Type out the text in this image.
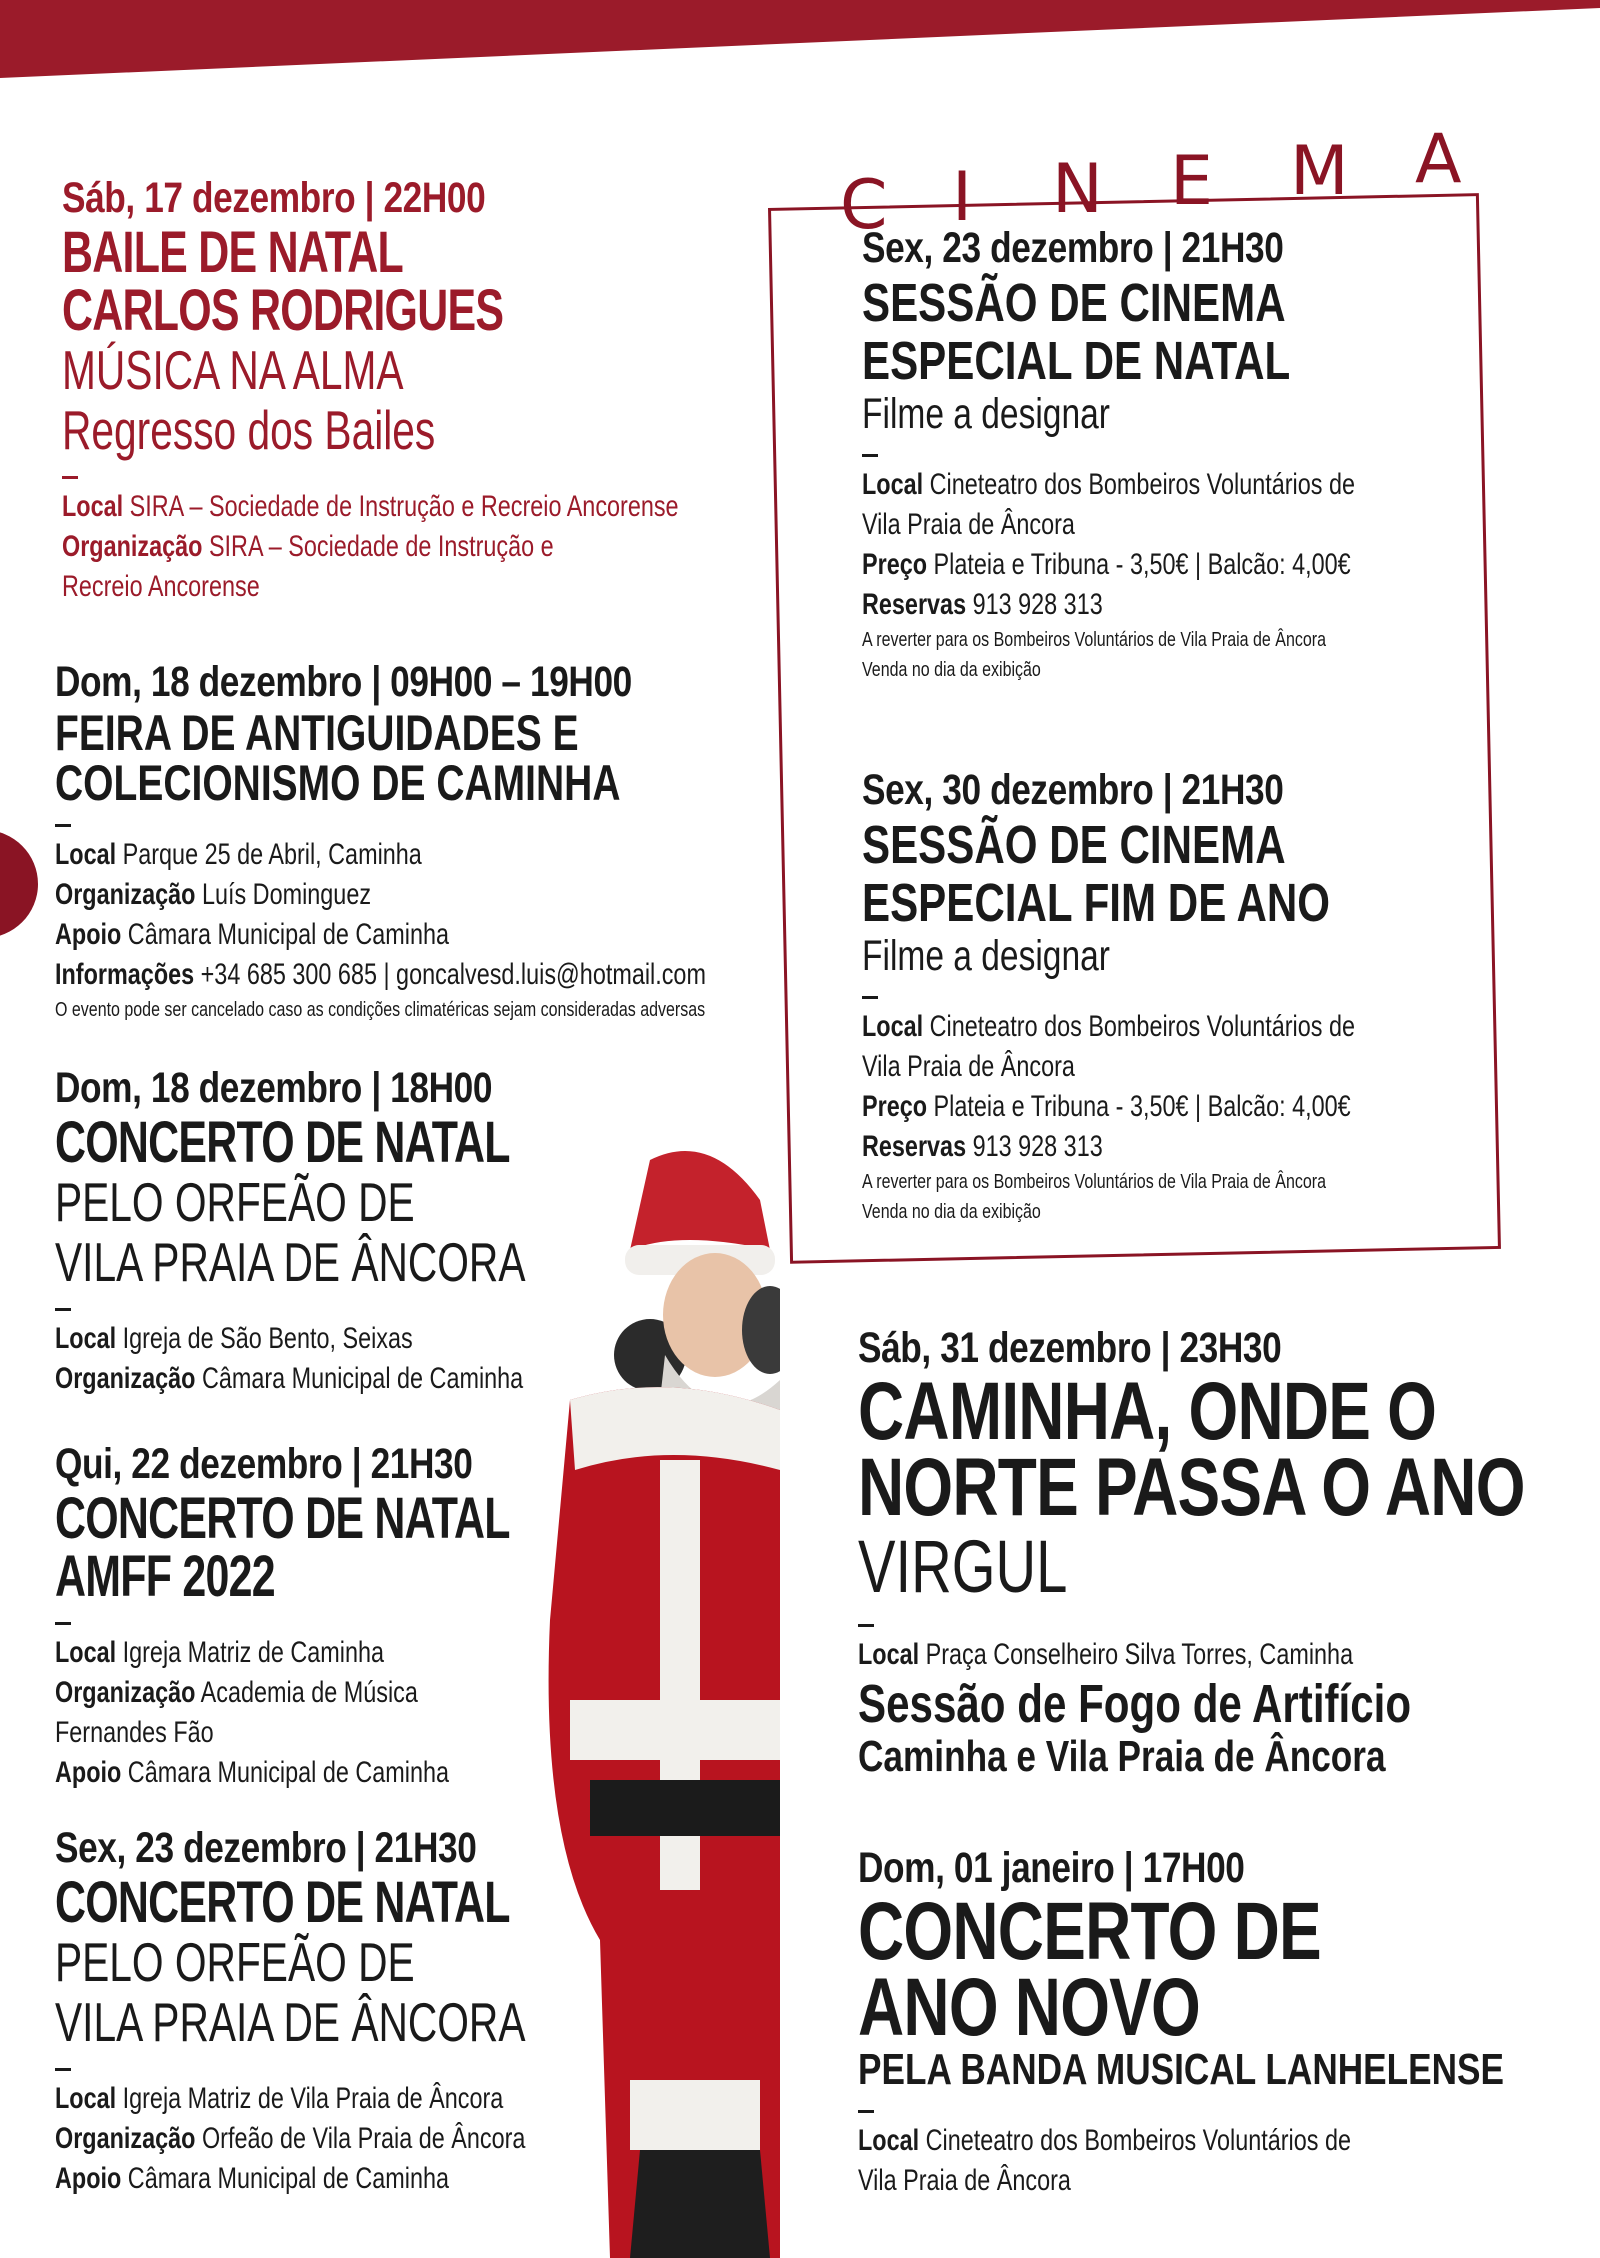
Sáb, 17 dezembro | 22H00
BAILE DE NATAL
CARLOS RODRIGUES
MÚSICA NA ALMA
Regresso dos Bailes
Local SIRA – Sociedade de Instrução e Recreio Ancorense
Organização SIRA – Sociedade de Instrução e
Recreio Ancorense
Dom, 18 dezembro | 09H00 – 19H00
FEIRA DE ANTIGUIDADES E
COLECIONISMO DE CAMINHA
Local Parque 25 de Abril, Caminha
Organização Luís Dominguez
Apoio Câmara Municipal de Caminha
Informações +34 685 300 685 | goncalvesd.luis@hotmail.com
O evento pode ser cancelado caso as condições climatéricas sejam consideradas adversas
Dom, 18 dezembro | 18H00
CONCERTO DE NATAL
PELO ORFEÃO DE
VILA PRAIA DE ÂNCORA
Local Igreja de São Bento, Seixas
Organização Câmara Municipal de Caminha
Qui, 22 dezembro | 21H30
CONCERTO DE NATAL
AMFF 2022
Local Igreja Matriz de Caminha
Organização Academia de Música
Fernandes Fão
Apoio Câmara Municipal de Caminha
Sex, 23 dezembro | 21H30
CONCERTO DE NATAL
PELO ORFEÃO DE
VILA PRAIA DE ÂNCORA
Local Igreja Matriz de Vila Praia de Âncora
Organização Orfeão de Vila Praia de Âncora
Apoio Câmara Municipal de Caminha
C I N E M A
Sex, 23 dezembro | 21H30
SESSÃO DE CINEMA
ESPECIAL DE NATAL
Filme a designar
Local Cineteatro dos Bombeiros Voluntários de
Vila Praia de Âncora
Preço Plateia e Tribuna - 3,50€ | Balcão: 4,00€
Reservas 913 928 313
A reverter para os Bombeiros Voluntários de Vila Praia de Âncora
Venda no dia da exibição
Sex, 30 dezembro | 21H30
SESSÃO DE CINEMA
ESPECIAL FIM DE ANO
Filme a designar
Local Cineteatro dos Bombeiros Voluntários de
Vila Praia de Âncora
Preço Plateia e Tribuna - 3,50€ | Balcão: 4,00€
Reservas 913 928 313
A reverter para os Bombeiros Voluntários de Vila Praia de Âncora
Venda no dia da exibição
Sáb, 31 dezembro | 23H30
CAMINHA, ONDE O
NORTE PASSA O ANO
VIRGUL
Local Praça Conselheiro Silva Torres, Caminha
Sessão de Fogo de Artifício
Caminha e Vila Praia de Âncora
Dom, 01 janeiro | 17H00
CONCERTO DE
ANO NOVO
PELA BANDA MUSICAL LANHELENSE
Local Cineteatro dos Bombeiros Voluntários de
Vila Praia de Âncora
